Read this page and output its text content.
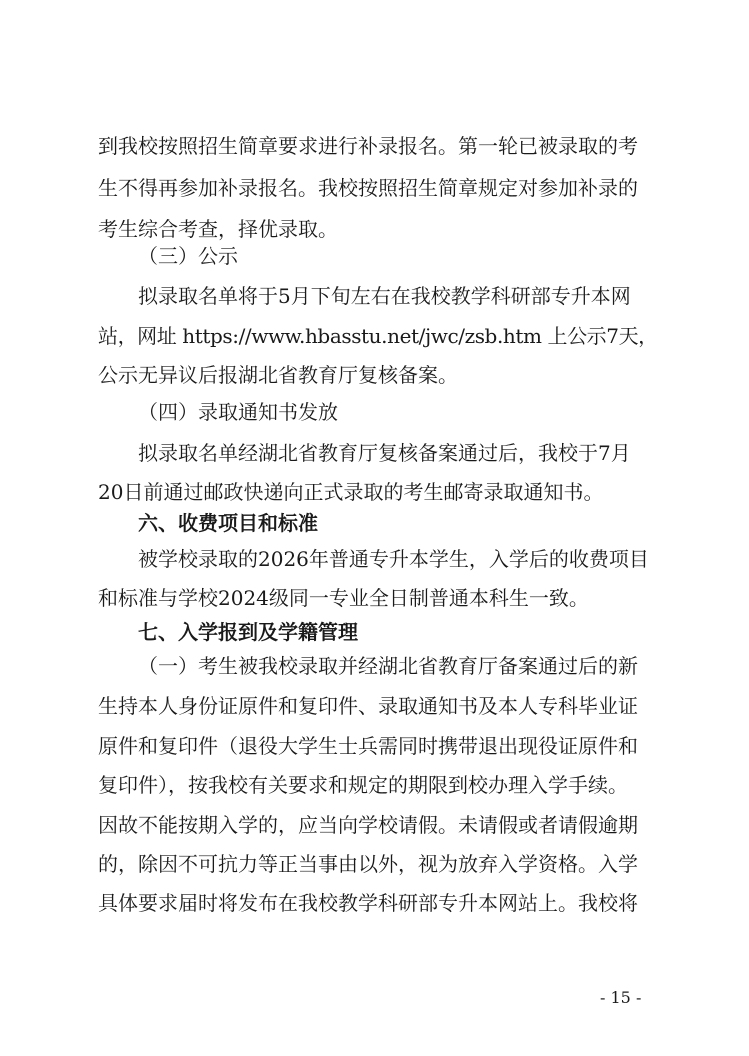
到我校按照招生简章要求进行补录报名。第一轮已被录取的考
生不得再参加补录报名。我校按照招生简章规定对参加补录的
考生综合考查，择优录取。
（三）公示
拟录取名单将于5月下旬左右在我校教学科研部专升本网
站，网址 https://www.hbasstu.net/jwc/zsb.htm 上公示7天，
公示无异议后报湖北省教育厅复核备案。
（四）录取通知书发放
拟录取名单经湖北省教育厅复核备案通过后，我校于7月
20日前通过邮政快递向正式录取的考生邮寄录取通知书。
六、收费项目和标准
被学校录取的2026年普通专升本学生，入学后的收费项目
和标准与学校2024级同一专业全日制普通本科生一致。
七、入学报到及学籍管理
（一）考生被我校录取并经湖北省教育厅备案通过后的新
生持本人身份证原件和复印件、录取通知书及本人专科毕业证
原件和复印件（退役大学生士兵需同时携带退出现役证原件和
复印件），按我校有关要求和规定的期限到校办理入学手续。
因故不能按期入学的，应当向学校请假。未请假或者请假逾期
的，除因不可抗力等正当事由以外，视为放弃入学资格。入学
具体要求届时将发布在我校教学科研部专升本网站上。我校将
- 15 -
